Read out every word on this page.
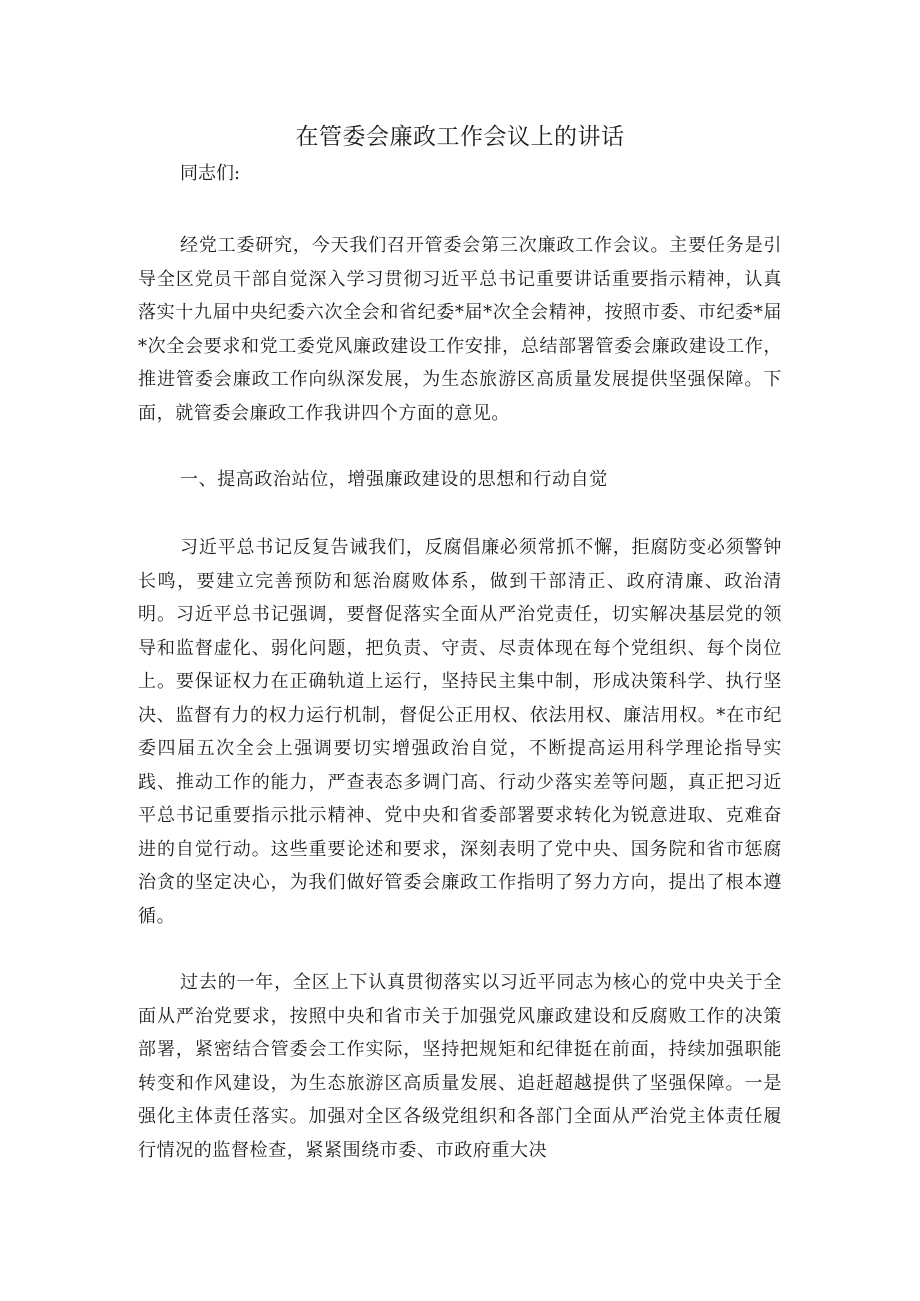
在管委会廉政工作会议上的讲话

同志们:

经党工委研究，今天我们召开管委会第三次廉政工作会议。主要任务是引导全区党员干部自觉深入学习贯彻习近平总书记重要讲话重要指示精神，认真落实十九届中央纪委六次全会和省纪委*届*次全会精神，按照市委、市纪委*届*次全会要求和党工委党风廉政建设工作安排，总结部署管委会廉政建设工作，推进管委会廉政工作向纵深发展，为生态旅游区高质量发展提供坚强保障。下面，就管委会廉政工作我讲四个方面的意见。

一、提高政治站位，增强廉政建设的思想和行动自觉

习近平总书记反复告诫我们，反腐倡廉必须常抓不懈，拒腐防变必须警钟长鸣，要建立完善预防和惩治腐败体系，做到干部清正、政府清廉、政治清明。习近平总书记强调，要督促落实全面从严治党责任，切实解决基层党的领导和监督虚化、弱化问题，把负责、守责、尽责体现在每个党组织、每个岗位上。要保证权力在正确轨道上运行，坚持民主集中制，形成决策科学、执行坚决、监督有力的权力运行机制，督促公正用权、依法用权、廉洁用权。*在市纪委四届五次全会上强调要切实增强政治自觉，不断提高运用科学理论指导实践、推动工作的能力，严查表态多调门高、行动少落实差等问题，真正把习近平总书记重要指示批示精神、党中央和省委部署要求转化为锐意进取、克难奋进的自觉行动。这些重要论述和要求，深刻表明了党中央、国务院和省市惩腐治贪的坚定决心，为我们做好管委会廉政工作指明了努力方向，提出了根本遵循。

过去的一年，全区上下认真贯彻落实以习近平同志为核心的党中央关于全面从严治党要求，按照中央和省市关于加强党风廉政建设和反腐败工作的决策部署，紧密结合管委会工作实际，坚持把规矩和纪律挺在前面，持续加强职能转变和作风建设，为生态旅游区高质量发展、追赶超越提供了坚强保障。一是强化主体责任落实。加强对全区各级党组织和各部门全面从严治党主体责任履行情况的监督检查，紧紧围绕市委、市政府重大决
